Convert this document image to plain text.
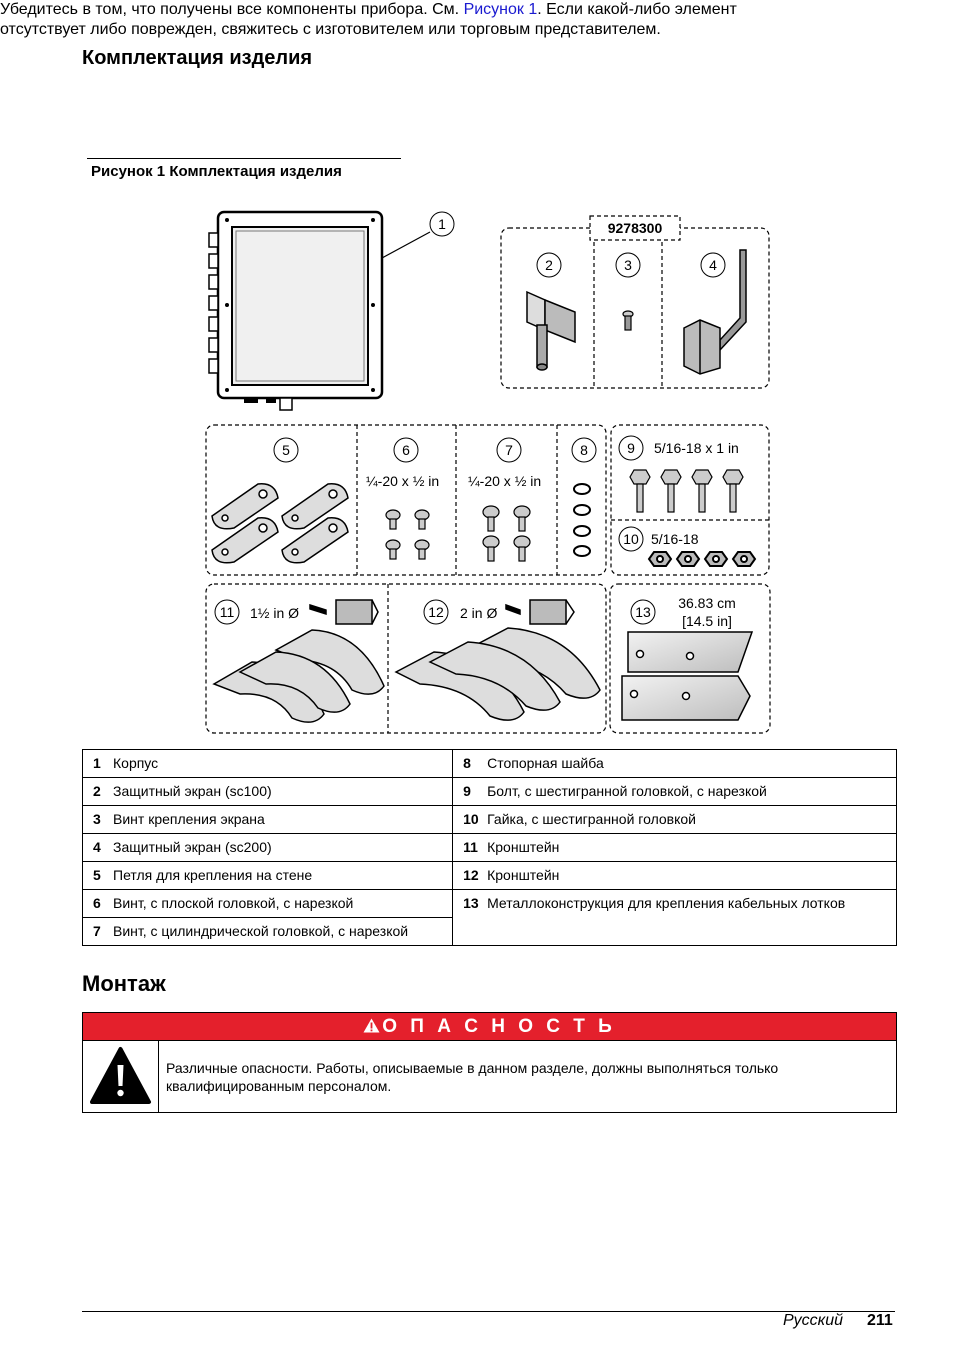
Комплектация изделия

Убедитесь в том, что получены все компоненты прибора. См. Рисунок 1. Если какой-либо элемент отсутствует либо поврежден, свяжитесь с изготовителем или торговым представителем.

Рисунок 1 Комплектация изделия
9278300
1
2	3	4
5	6	7	8	9
10
11	12	13
¼-20 x ½ in ¼-20 x ½ in
5/16-18 x 1 in
5/16-18
1½ in Ø	2 in Ø
36.83 cm
[14.5 in]
1 Корпус	8 Стопорная шайба

2 Защитный экран (sc100)	9 Болт, с шестигранной головкой, с нарезкой

3 Винт крепления экрана	10 Гайка, с шестигранной головкой

4 Защитный экран (sc200)	11 Кронштейн

5 Петля для крепления на стене	12 Кронштейн

6 Винт, с плоской головкой, с нарезкой	13 Металлоконструкция для крепления кабельных лотков

7 Винт, с цилиндрической головкой, с нарезкой	
Монтаж
О П А С Н О С Т Ь
Различные опасности. Работы, описываемые в данном разделе, должны выполняться только квалифицированным персоналом.
Русский 211
